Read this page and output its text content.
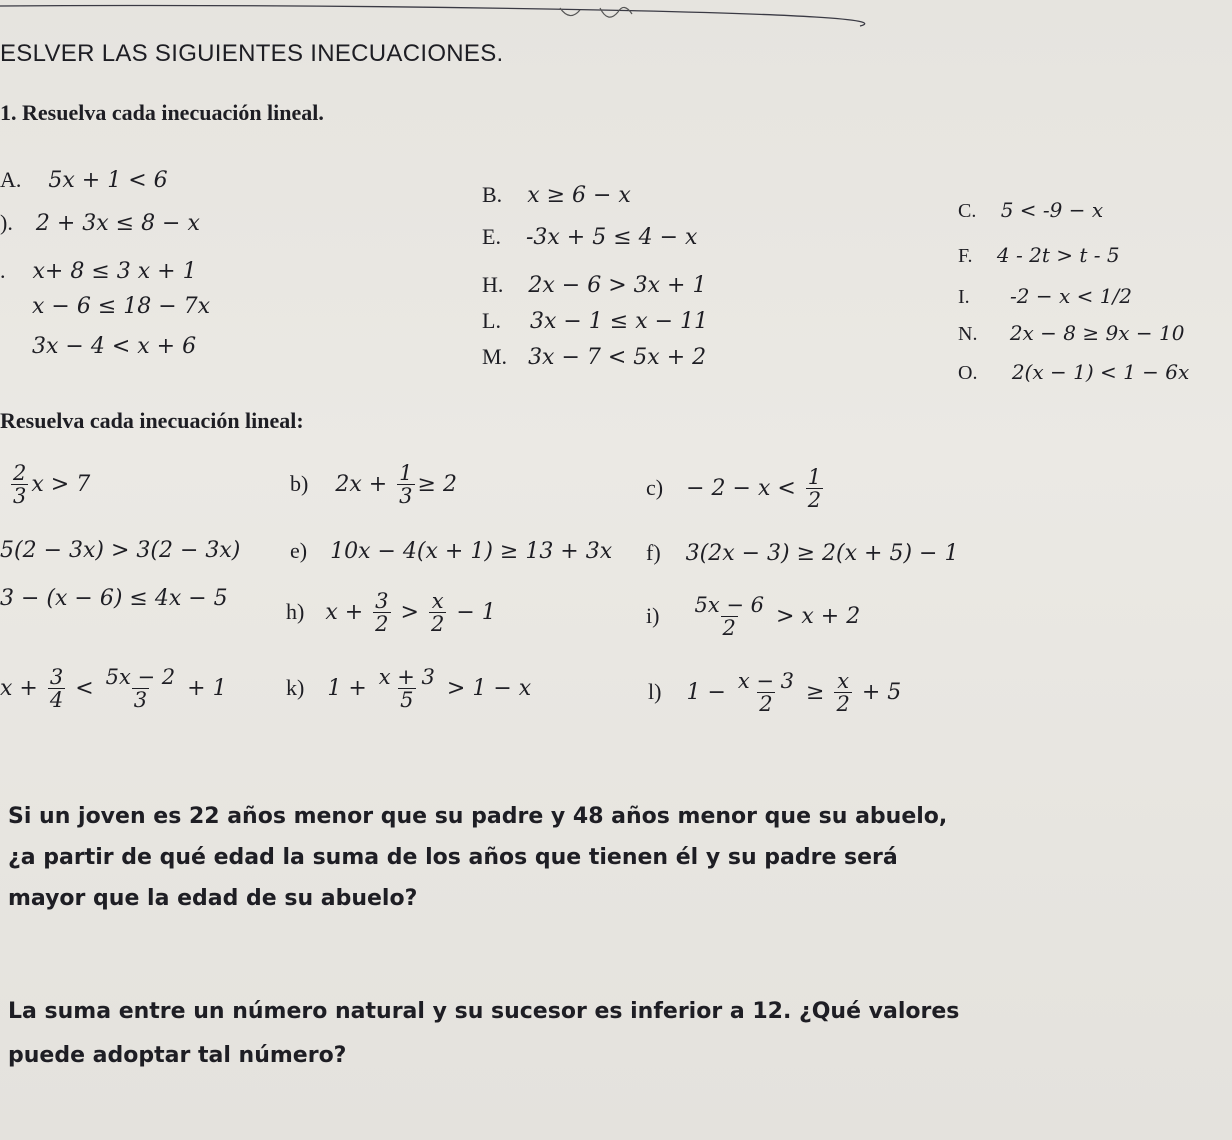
ESLVER LAS SIGUIENTES INECUACIONES.
1. Resuelva cada inecuación lineal.
A. 5x + 1 < 6
). 2 + 3x ≤ 8 − x
. x+ 8 ≤ 3 x + 1
x − 6 ≤ 18 − 7x
3x − 4 < x + 6
B. x ≥ 6 − x
E. -3x + 5 ≤ 4 − x
H. 2x − 6 > 3x + 1
L. 3x − 1 ≤ x − 11
M. 3x − 7 < 5x + 2
C. 5 < -9 − x
F. 4 - 2t > t - 5
I. -2 − x < 1/2
N. 2x − 8 ≥ 9x − 10
O. 2(x − 1) < 1 − 6x
Resuelva cada inecuación lineal:
$\frac{2}{3}$ x > 7	b) $2x + \frac{1}{3} \ge 2$	$c) - 2 - x < \frac{1}{2}$
5(2 − 3x) > 3(2 − 3x) e) 10x − 4(x + 1) ≥ 13 + 3x f) 3(2x − 3) ≥ 2(x + 5) − 1
3 − (x − 6) ≤ 4x − 5
h) $x + \frac{3}{2} > \frac{x}{2} - 1$	$i) \frac{5x - 6}{2} > x + 2$
$x + \frac{3}{4} < \frac{5x - 2}{3} + 1$	k) $1 + \frac{x + 3}{5} > 1 - x$	l) $1 - \frac{x - 3}{2} \ge \frac{x}{2} + 5$
Si un joven es 22 años menor que su padre y 48 años menor que su abuelo, ¿a partir de qué edad la suma de los años que tienen él y su padre será mayor que la edad de su abuelo?
La suma entre un número natural y su sucesor es inferior a 12. ¿Qué valores puede adoptar tal número?
